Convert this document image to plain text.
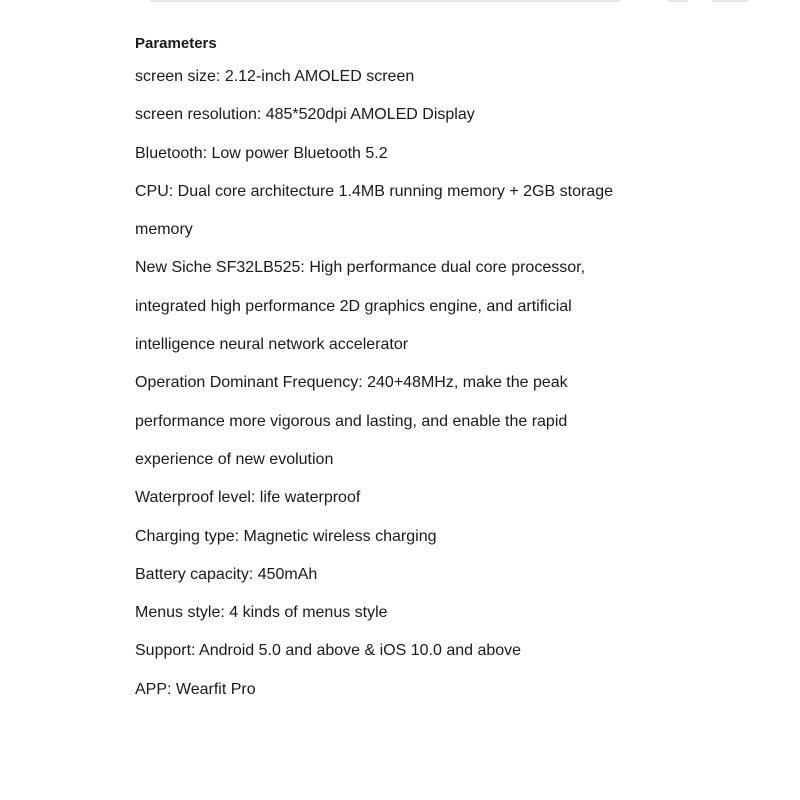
Parameters

screen size: 2.12-inch AMOLED screen

screen resolution: 485*520dpi AMOLED Display

Bluetooth: Low power Bluetooth 5.2

CPU: Dual core architecture 1.4MB running memory + 2GB storage

memory

New Siche SF32LB525: High performance dual core processor,

integrated high performance 2D graphics engine, and artificial

intelligence neural network accelerator

Operation Dominant Frequency: 240+48MHz, make the peak

performance more vigorous and lasting, and enable the rapid

experience of new evolution

Waterproof level: life waterproof

Charging type: Magnetic wireless charging

Battery capacity: 450mAh

Menus style: 4 kinds of menus style

Support: Android 5.0 and above & iOS 10.0 and above

APP: Wearfit Pro
